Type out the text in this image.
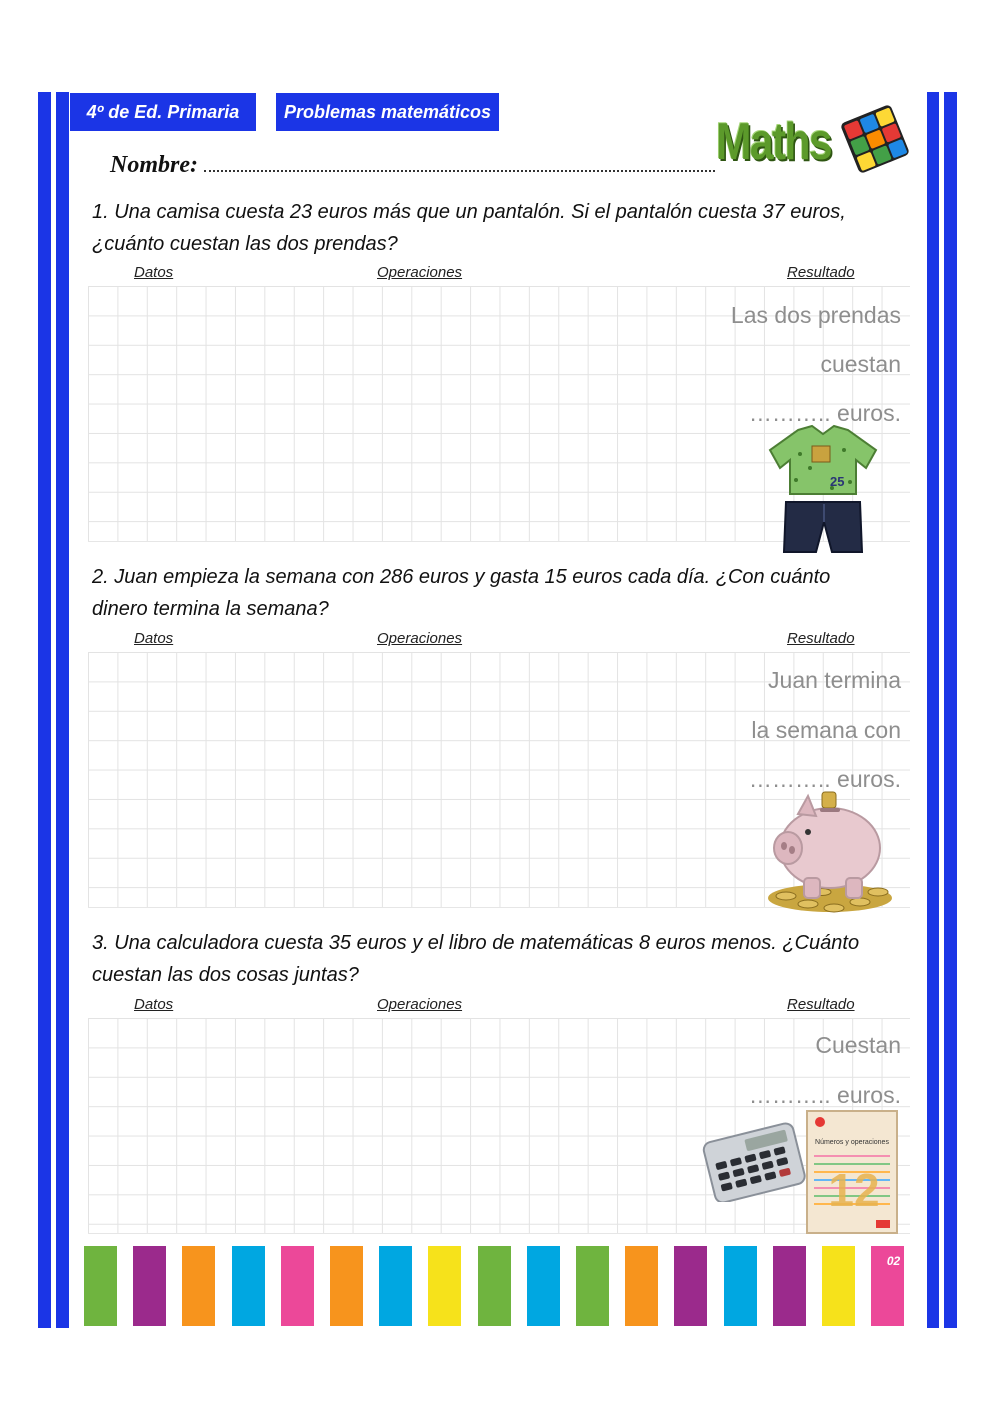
4º de Ed. Primaria Problemas matemáticos
Nombre:	Maths
1. Una camisa cuesta 23 euros más que un pantalón. Si el pantalón cuesta 37 euros,
¿cuánto cuestan las dos prendas?
Datos	Operaciones	Resultado
Las dos prendas
cuestan
……….. euros.
25
2. Juan empieza la semana con 286 euros y gasta 15 euros cada día. ¿Con cuánto
dinero termina la semana?
Datos	Operaciones	Resultado
Juan termina
la semana con
……….. euros.
3. Una calculadora cuesta 35 euros y el libro de matemáticas 8 euros menos. ¿Cuánto
cuestan las dos cosas juntas?
Datos	Operaciones	Resultado
Cuestan
……….. euros.
Números y operaciones
12
02
